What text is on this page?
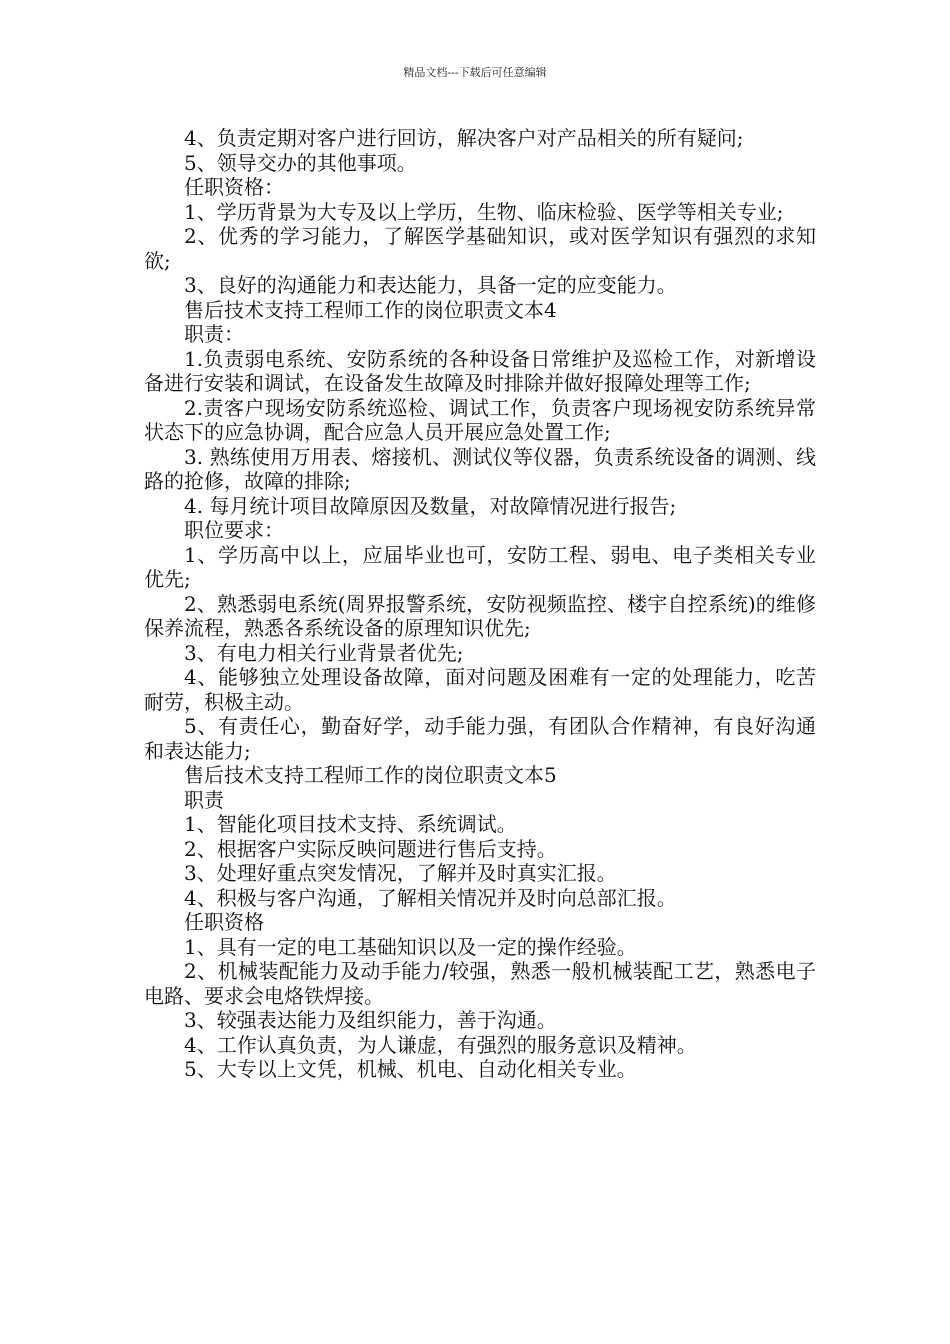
精品文档---下载后可任意编辑

4、负责定期对客户进行回访，解决客户对产品相关的所有疑问;

5、领导交办的其他事项。

任职资格：

1、学历背景为大专及以上学历，生物、临床检验、医学等相关专业;

2、优秀的学习能力，了解医学基础知识，或对医学知识有强烈的求知欲;

3、良好的沟通能力和表达能力，具备一定的应变能力。

售后技术支持工程师工作的岗位职责文本4

职责：

1.负责弱电系统、安防系统的各种设备日常维护及巡检工作，对新增设备进行安装和调试，在设备发生故障及时排除并做好报障处理等工作;

2.责客户现场安防系统巡检、调试工作，负责客户现场视安防系统异常状态下的应急协调，配合应急人员开展应急处置工作;

3. 熟练使用万用表、熔接机、测试仪等仪器，负责系统设备的调测、线路的抢修，故障的排除;

4. 每月统计项目故障原因及数量，对故障情况进行报告;

职位要求：

1、学历高中以上，应届毕业也可，安防工程、弱电、电子类相关专业优先;

2、熟悉弱电系统(周界报警系统，安防视频监控、楼宇自控系统)的维修保养流程，熟悉各系统设备的原理知识优先;

3、有电力相关行业背景者优先;

4、能够独立处理设备故障，面对问题及困难有一定的处理能力，吃苦耐劳，积极主动。

5、有责任心，勤奋好学，动手能力强，有团队合作精神，有良好沟通和表达能力;

售后技术支持工程师工作的岗位职责文本5

职责

1、智能化项目技术支持、系统调试。

2、根据客户实际反映问题进行售后支持。

3、处理好重点突发情况，了解并及时真实汇报。

4、积极与客户沟通，了解相关情况并及时向总部汇报。

任职资格

1、具有一定的电工基础知识以及一定的操作经验。

2、机械装配能力及动手能力/较强，熟悉一般机械装配工艺，熟悉电子电路、要求会电烙铁焊接。

3、较强表达能力及组织能力，善于沟通。

4、工作认真负责，为人谦虚，有强烈的服务意识及精神。

5、大专以上文凭，机械、机电、自动化相关专业。
